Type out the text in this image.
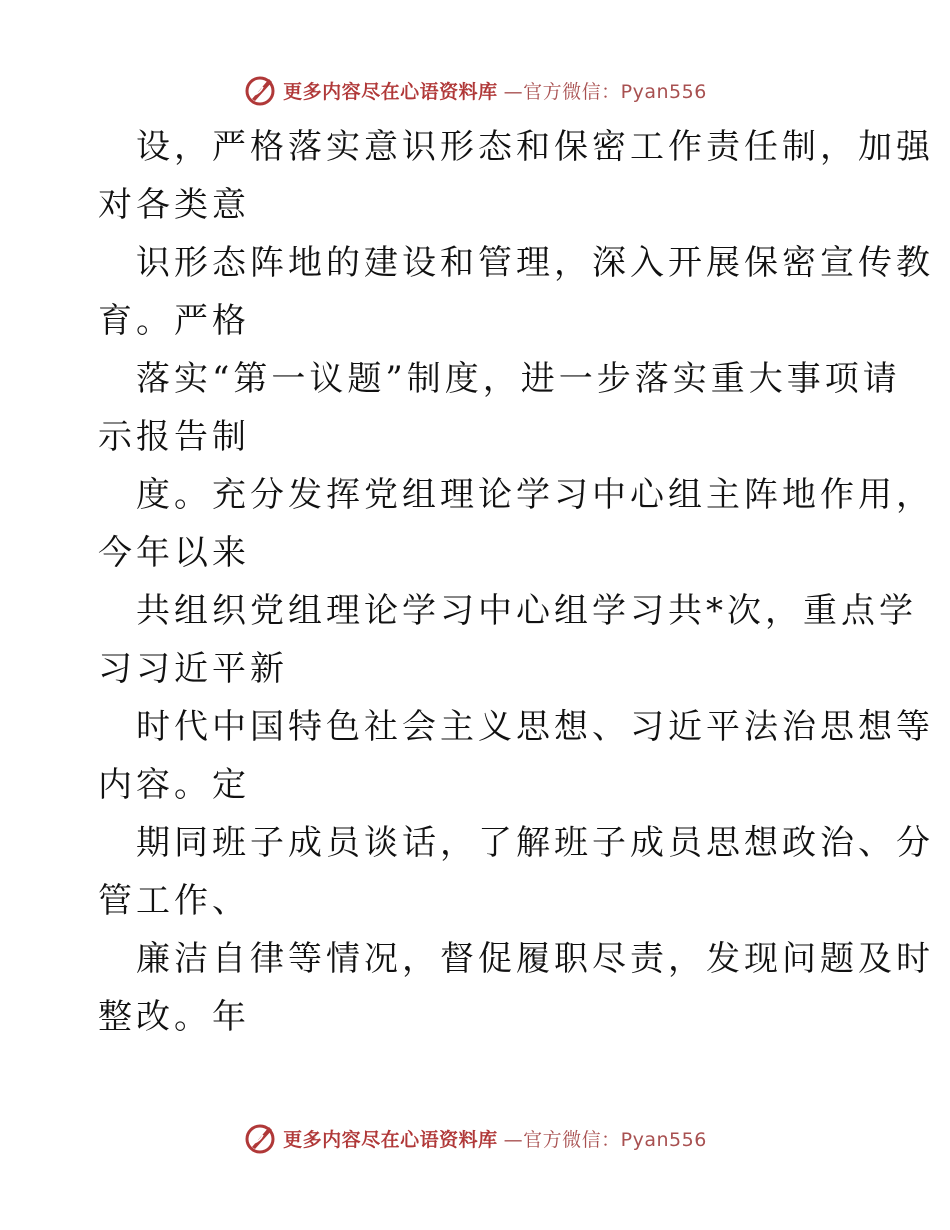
更多内容尽在心语资料库 —官方微信：Pyan556
设，严格落实意识形态和保密工作责任制，加强
对各类意
识形态阵地的建设和管理，深入开展保密宣传教
育。严格
落实“第一议题”制度，进一步落实重大事项请
示报告制
度。充分发挥党组理论学习中心组主阵地作用，
今年以来
共组织党组理论学习中心组学习共*次，重点学
习习近平新
时代中国特色社会主义思想、习近平法治思想等
内容。定
期同班子成员谈话，了解班子成员思想政治、分
管工作、
廉洁自律等情况，督促履职尽责，发现问题及时
整改。年
更多内容尽在心语资料库 —官方微信：Pyan556
